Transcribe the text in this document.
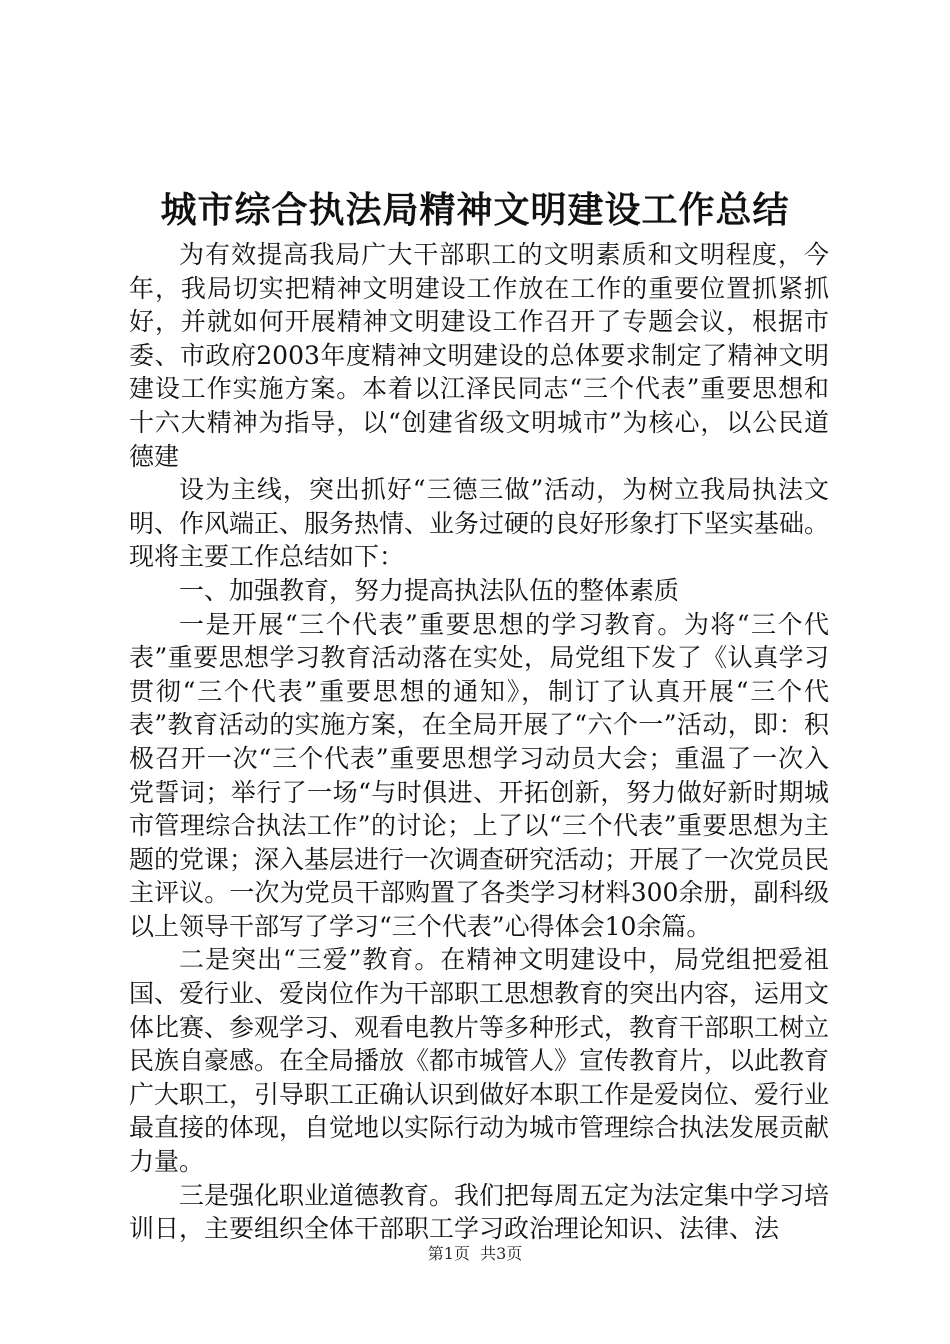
城市综合执法局精神文明建设工作总结

为有效提高我局广大干部职工的文明素质和文明程度，今年，我局切实把精神文明建设工作放在工作的重要位置抓紧抓好，并就如何开展精神文明建设工作召开了专题会议，根据市委、市政府2003年度精神文明建设的总体要求制定了精神文明建设工作实施方案。本着以江泽民同志“三个代表”重要思想和十六大精神为指导，以“创建省级文明城市”为核心，以公民道德建

设为主线，突出抓好“三德三做”活动，为树立我局执法文明、作风端正、服务热情、业务过硬的良好形象打下坚实基础。现将主要工作总结如下：

一、加强教育，努力提高执法队伍的整体素质

一是开展“三个代表”重要思想的学习教育。为将“三个代表”重要思想学习教育活动落在实处，局党组下发了《认真学习贯彻“三个代表”重要思想的通知》，制订了认真开展“三个代表”教育活动的实施方案，在全局开展了“六个一”活动，即：积极召开一次“三个代表”重要思想学习动员大会；重温了一次入党誓词；举行了一场“与时俱进、开拓创新，努力做好新时期城市管理综合执法工作”的讨论；上了以“三个代表”重要思想为主题的党课；深入基层进行一次调查研究活动；开展了一次党员民主评议。一次为党员干部购置了各类学习材料300余册，副科级以上领导干部写了学习“三个代表”心得体会10余篇。

二是突出“三爱”教育。在精神文明建设中，局党组把爱祖国、爱行业、爱岗位作为干部职工思想教育的突出内容，运用文体比赛、参观学习、观看电教片等多种形式，教育干部职工树立民族自豪感。在全局播放《都市城管人》宣传教育片，以此教育广大职工，引导职工正确认识到做好本职工作是爱岗位、爱行业最直接的体现，自觉地以实际行动为城市管理综合执法发展贡献力量。

三是强化职业道德教育。我们把每周五定为法定集中学习培训日，主要组织全体干部职工学习政治理论知识、法律、法

第1页 共3页
